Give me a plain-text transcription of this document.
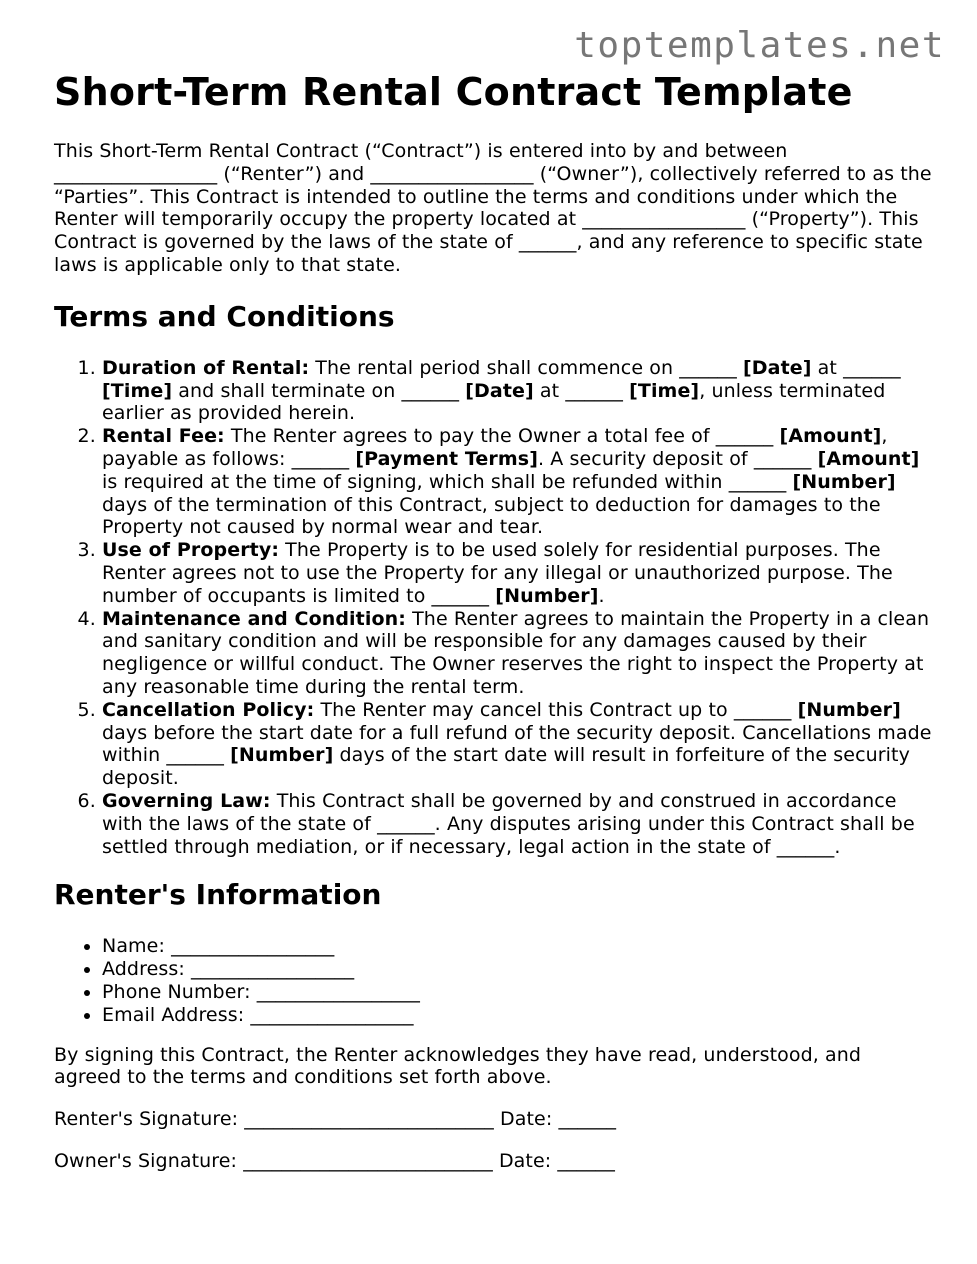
toptemplates.net
Short-Term Rental Contract Template

This Short-Term Rental Contract (“Contract”) is entered into by and between _________________ (“Renter”) and _________________ (“Owner”), collectively referred to as the “Parties”. This Contract is intended to outline the terms and conditions under which the Renter will temporarily occupy the property located at _________________ (“Property”). This Contract is governed by the laws of the state of ______, and any reference to specific state laws is applicable only to that state.

Terms and Conditions
1. Duration of Rental: The rental period shall commence on ______ [Date] at ______ [Time] and shall terminate on ______ [Date] at ______ [Time], unless terminated earlier as provided herein.
2. Rental Fee: The Renter agrees to pay the Owner a total fee of ______ [Amount], payable as follows: ______ [Payment Terms]. A security deposit of ______ [Amount] is required at the time of signing, which shall be refunded within ______ [Number] days of the termination of this Contract, subject to deduction for damages to the Property not caused by normal wear and tear.
3. Use of Property: The Property is to be used solely for residential purposes. The Renter agrees not to use the Property for any illegal or unauthorized purpose. The number of occupants is limited to ______ [Number].
4. Maintenance and Condition: The Renter agrees to maintain the Property in a clean and sanitary condition and will be responsible for any damages caused by their negligence or willful conduct. The Owner reserves the right to inspect the Property at any reasonable time during the rental term.
5. Cancellation Policy: The Renter may cancel this Contract up to ______ [Number] days before the start date for a full refund of the security deposit. Cancellations made within ______ [Number] days of the start date will result in forfeiture of the security deposit.
6. Governing Law: This Contract shall be governed by and construed in accordance with the laws of the state of ______. Any disputes arising under this Contract shall be settled through mediation, or if necessary, legal action in the state of ______.
Renter's Information
• Name: _________________
• Address: _________________
• Phone Number: _________________
• Email Address: _________________

By signing this Contract, the Renter acknowledges they have read, understood, and agreed to the terms and conditions set forth above.

Renter's Signature: __________________________ Date: ______

Owner's Signature: __________________________ Date: ______
